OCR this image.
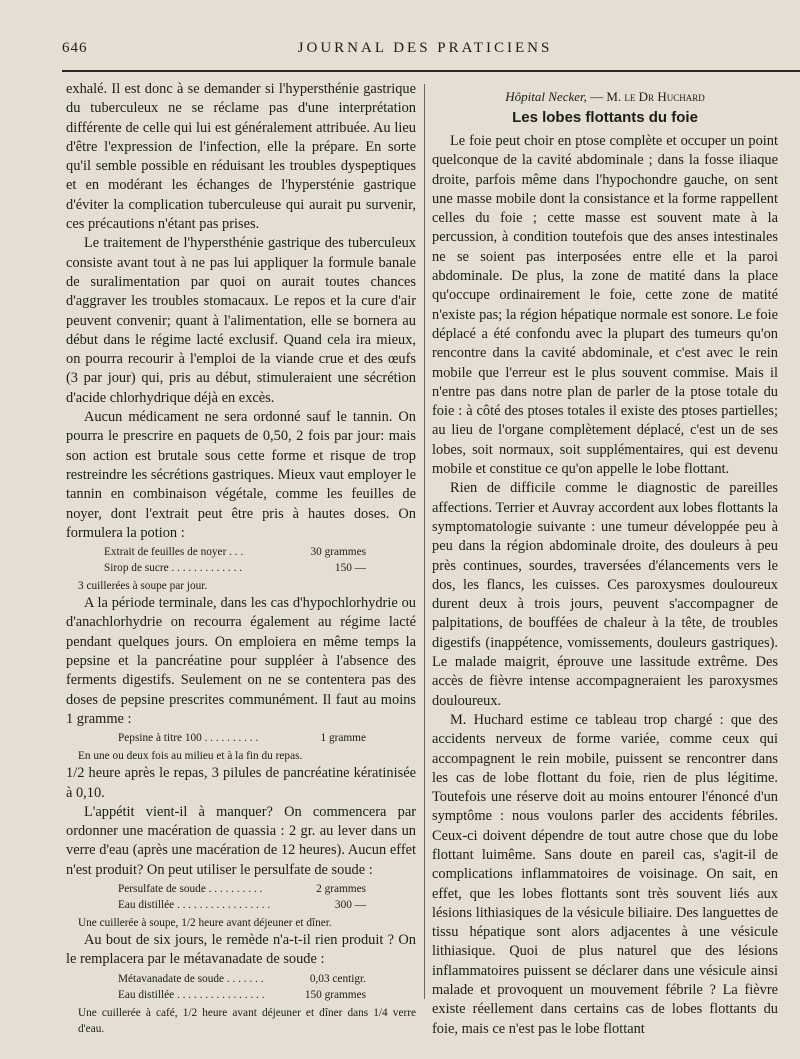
646	JOURNAL DES PRATICIENS

exhalé. Il est donc à se demander si l'hypersthénie gastrique du tuberculeux ne se réclame pas d'une interprétation différente de celle qui lui est généralement attribuée. Au lieu d'être l'expression de l'infection, elle la prépare. En sorte qu'il semble possible en réduisant les troubles dyspeptiques et en modérant les échanges de l'hypersténie gastrique d'éviter la complication tuberculeuse qui aurait pu survenir, ces précautions n'étant pas prises.

Le traitement de l'hypersthénie gastrique des tuberculeux consiste avant tout à ne pas lui appliquer la formule banale de suralimentation par quoi on aurait toutes chances d'aggraver les troubles stomacaux. Le repos et la cure d'air peuvent convenir; quant à l'alimentation, elle se bornera au début dans le régime lacté exclusif. Quand cela ira mieux, on pourra recourir à l'emploi de la viande crue et des œufs (3 par jour) qui, pris au début, stimuleraient une sécrétion d'acide chlorhydrique déjà en excès.

Aucun médicament ne sera ordonné sauf le tannin. On pourra le prescrire en paquets de 0,50, 2 fois par jour: mais son action est brutale sous cette forme et risque de trop restreindre les sécrétions gastriques. Mieux vaut employer le tannin en combinaison végétale, comme les feuilles de noyer, dont l'extrait peut être pris à hautes doses. On formulera la potion :

Extrait de feuilles de noyer . . .	30 grammes
Sirop de sucre . . . . . . . . . . . . .	150 —
3 cuillerées à soupe par jour.

A la période terminale, dans les cas d'hypochlorhydrie ou d'anachlorhydrie on recourra également au régime lacté pendant quelques jours. On emploiera en même temps la pepsine et la pancréatine pour suppléer à l'absence des ferments digestifs. Seulement on ne se contentera pas des doses de pepsine prescrites communément. Il faut au moins 1 gramme :

Pepsine à titre 100 . . . . . . . . . .	1 gramme
En une ou deux fois au milieu et à la fin du repas.

1/2 heure après le repas, 3 pilules de pancréatine kératinisée à 0,10.

L'appétit vient-il à manquer? On commencera par ordonner une macération de quassia : 2 gr. au lever dans un verre d'eau (après une macération de 12 heures). Aucun effet n'est produit? On peut utiliser le persulfate de soude :

Persulfate de soude . . . . . . . . . .	2 grammes
Eau distillée . . . . . . . . . . . . . . . . .	300 —
Une cuillerée à soupe, 1/2 heure avant déjeuner et dîner.

Au bout de six jours, le remède n'a-t-il rien produit ? On le remplacera par le métavanadate de soude :

Métavanadate de soude . . . . . . .	0,03 centigr.
Eau distillée . . . . . . . . . . . . . . . .	150 grammes
Une cuillerée à café, 1/2 heure avant déjeuner et dîner dans 1/4 verre d'eau.
Hôpital Necker, — M. le Dr Huchard
Les lobes flottants du foie

Le foie peut choir en ptose complète et occuper un point quelconque de la cavité abdominale ; dans la fosse iliaque droite, parfois même dans l'hypochondre gauche, on sent une masse mobile dont la consistance et la forme rappellent celles du foie ; cette masse est souvent mate à la percussion, à condition toutefois que des anses intestinales ne se soient pas interposées entre elle et la paroi abdominale. De plus, la zone de matité dans la place qu'occupe ordinairement le foie, cette zone de matité n'existe pas; la région hépatique normale est sonore. Le foie déplacé a été confondu avec la plupart des tumeurs qu'on rencontre dans la cavité abdominale, et c'est avec le rein mobile que l'erreur est le plus souvent commise. Mais il n'entre pas dans notre plan de parler de la ptose totale du foie : à côté des ptoses totales il existe des ptoses partielles; au lieu de l'organe complètement déplacé, c'est un de ses lobes, soit normaux, soit supplémentaires, qui est devenu mobile et constitue ce qu'on appelle le lobe flottant.

Rien de difficile comme le diagnostic de pareilles affections. Terrier et Auvray accordent aux lobes flottants la symptomatologie suivante : une tumeur développée peu à peu dans la région abdominale droite, des douleurs à peu près continues, sourdes, traversées d'élancements vers le dos, les flancs, les cuisses. Ces paroxysmes douloureux durent deux à trois jours, peuvent s'accompagner de palpitations, de bouffées de chaleur à la tête, de troubles digestifs (inappétence, vomissements, douleurs gastriques). Le malade maigrit, éprouve une lassitude extrême. Des accès de fièvre intense accompagneraient les paroxysmes douloureux.

M. Huchard estime ce tableau trop chargé : que des accidents nerveux de forme variée, comme ceux qui accompagnent le rein mobile, puissent se rencontrer dans les cas de lobe flottant du foie, rien de plus légitime. Toutefois une réserve doit au moins entourer l'énoncé d'un symptôme : nous voulons parler des accidents fébriles. Ceux-ci doivent dépendre de tout autre chose que du lobe flottant luimême. Sans doute en pareil cas, s'agit-il de complications inflammatoires de voisinage. On sait, en effet, que les lobes flottants sont très souvent liés aux lésions lithiasiques de la vésicule biliaire. Des languettes de tissu hépatique sont alors adjacentes à une vésicule lithiasique. Quoi de plus naturel que des lésions inflammatoires puissent se déclarer dans une vésicule ainsi malade et provoquent un mouvement fébrile ? La fièvre existe réellement dans certains cas de lobes flottants du foie, mais ce n'est pas le lobe flottant
